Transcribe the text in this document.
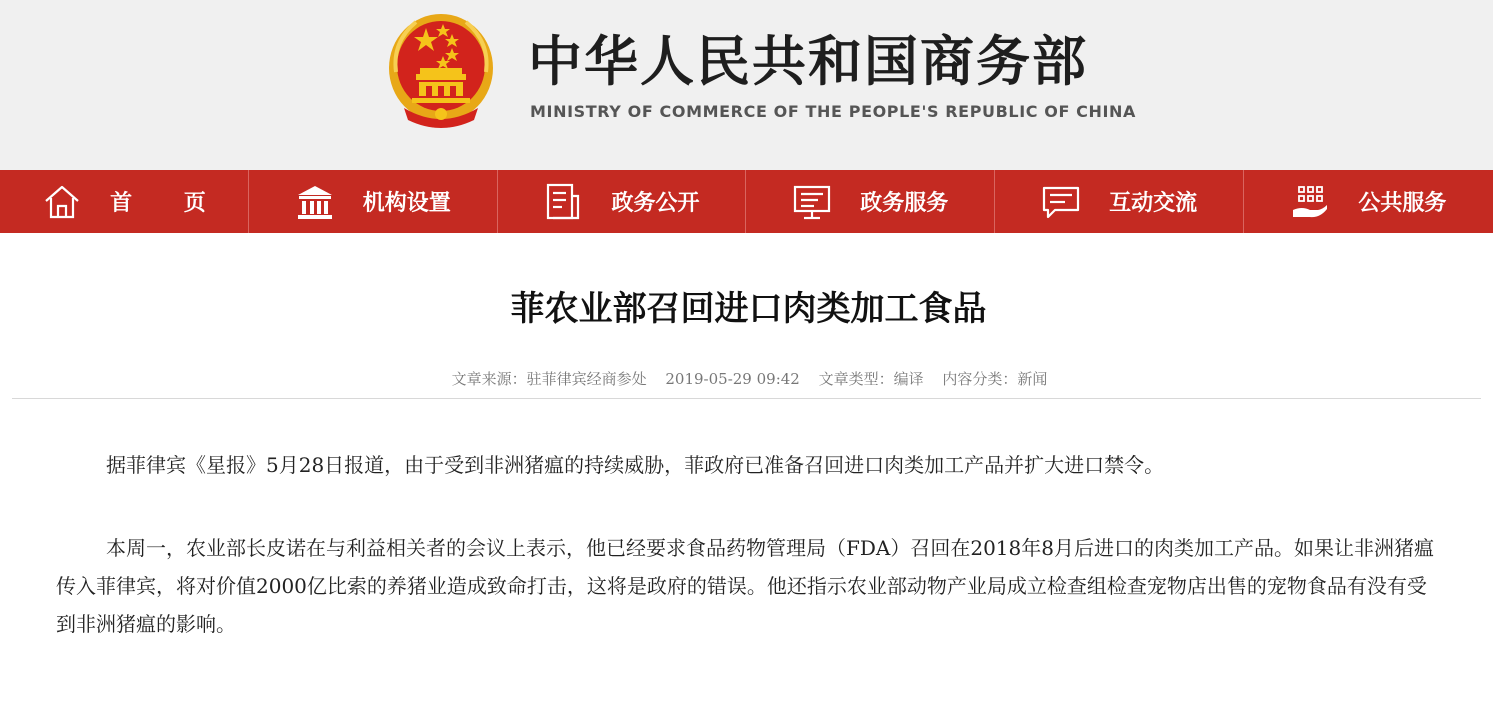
中华人民共和国商务部
MINISTRY OF COMMERCE OF THE PEOPLE'S REPUBLIC OF CHINA
首 页	机构设置	政务公开	政务服务	互动交流	公共服务
菲农业部召回进口肉类加工食品
文章来源：驻菲律宾经商参处 2019-05-29 09:42 文章类型：编译 内容分类：新闻

据菲律宾《星报》5月28日报道，由于受到非洲猪瘟的持续威胁，菲政府已准备召回进口肉类加工产品并扩大进口禁令。

本周一，农业部长皮诺在与利益相关者的会议上表示，他已经要求食品药物管理局（FDA）召回在2018年8月后进口的肉类加工产品。如果让非洲猪瘟传入菲律宾，将对价值2000亿比索的养猪业造成致命打击，这将是政府的错误。他还指示农业部动物产业局成立检查组检查宠物店出售的宠物食品有没有受到非洲猪瘟的影响。
